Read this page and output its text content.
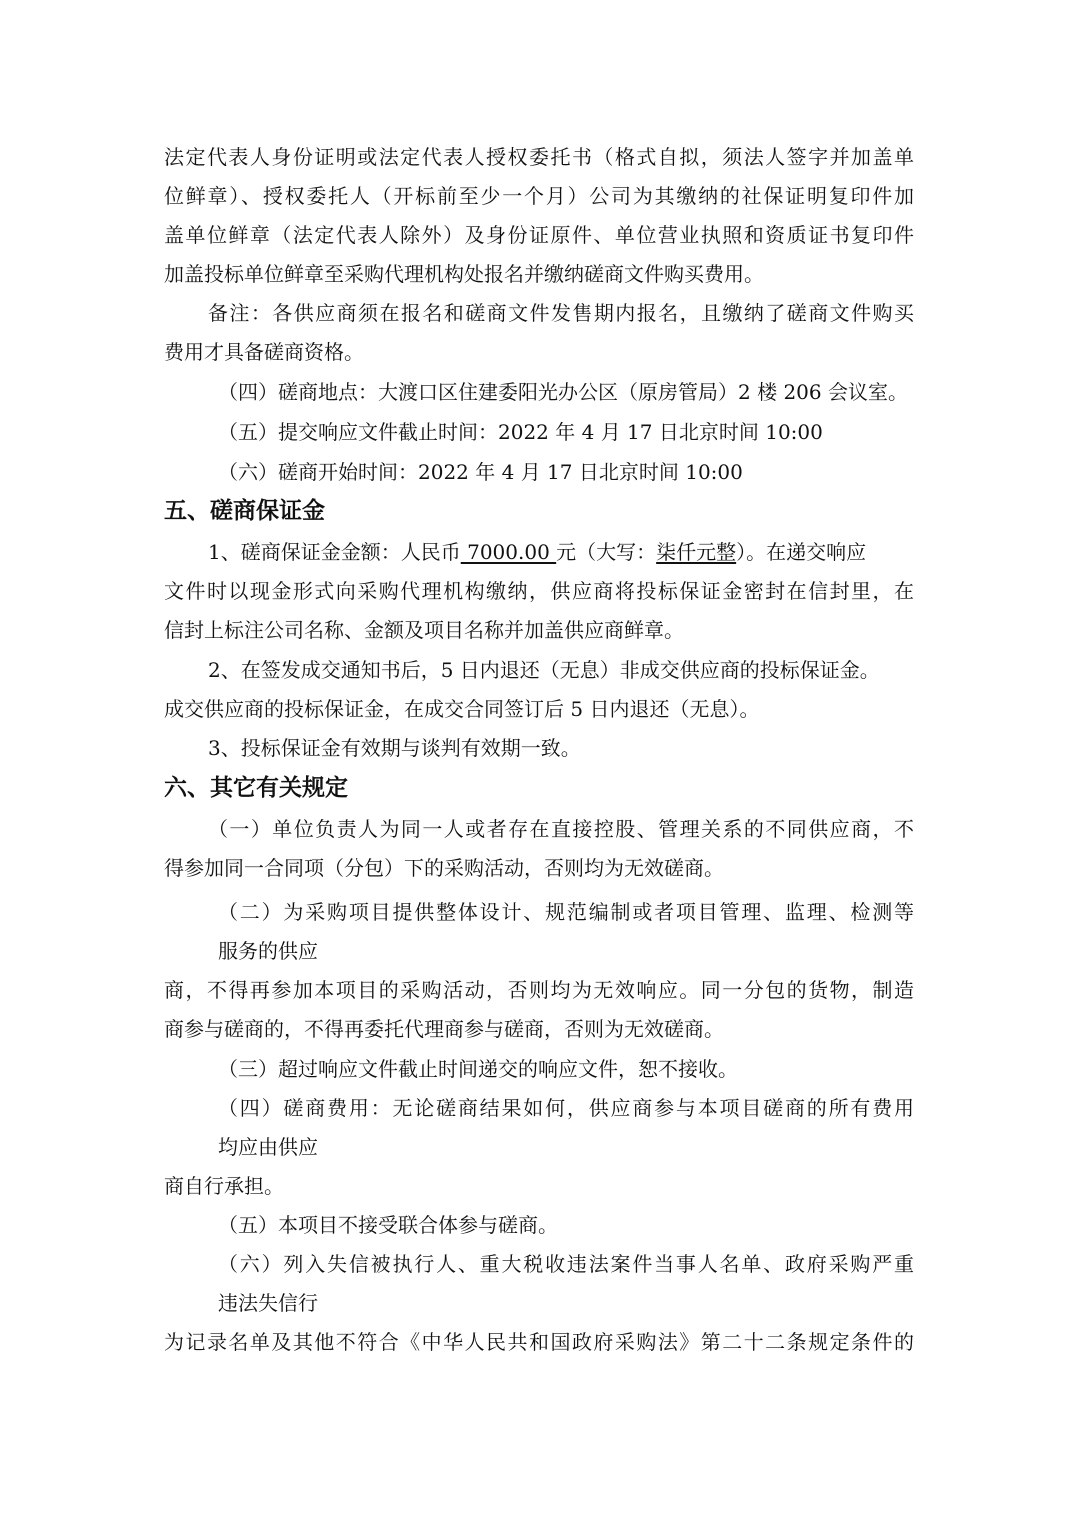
法定代表人身份证明或法定代表人授权委托书（格式自拟，须法人签字并加盖单
位鲜章）、授权委托人（开标前至少一个月）公司为其缴纳的社保证明复印件加
盖单位鲜章（法定代表人除外）及身份证原件、单位营业执照和资质证书复印件
加盖投标单位鲜章至采购代理机构处报名并缴纳磋商文件购买费用。
备注：各供应商须在报名和磋商文件发售期内报名，且缴纳了磋商文件购买
费用才具备磋商资格。
（四）磋商地点：大渡口区住建委阳光办公区（原房管局）2 楼 206 会议室。
（五）提交响应文件截止时间：2022 年 4 月 17 日北京时间 10:00
（六）磋商开始时间：2022 年 4 月 17 日北京时间 10:00
五、磋商保证金
1、磋商保证金金额：人民币 7000.00 元（大写：柒仟元整）。在递交响应
文件时以现金形式向采购代理机构缴纳，供应商将投标保证金密封在信封里，在
信封上标注公司名称、金额及项目名称并加盖供应商鲜章。
2、在签发成交通知书后，5 日内退还（无息）非成交供应商的投标保证金。
成交供应商的投标保证金，在成交合同签订后 5 日内退还（无息）。
3、投标保证金有效期与谈判有效期一致。
六、其它有关规定
（一）单位负责人为同一人或者存在直接控股、管理关系的不同供应商，不
得参加同一合同项（分包）下的采购活动，否则均为无效磋商。
（二）为采购项目提供整体设计、规范编制或者项目管理、监理、检测等
服务的供应
商，不得再参加本项目的采购活动，否则均为无效响应。同一分包的货物，制造
商参与磋商的，不得再委托代理商参与磋商，否则为无效磋商。
（三）超过响应文件截止时间递交的响应文件，恕不接收。
（四）磋商费用：无论磋商结果如何，供应商参与本项目磋商的所有费用
均应由供应
商自行承担。
（五）本项目不接受联合体参与磋商。
（六）列入失信被执行人、重大税收违法案件当事人名单、政府采购严重
违法失信行
为记录名单及其他不符合《中华人民共和国政府采购法》第二十二条规定条件的
